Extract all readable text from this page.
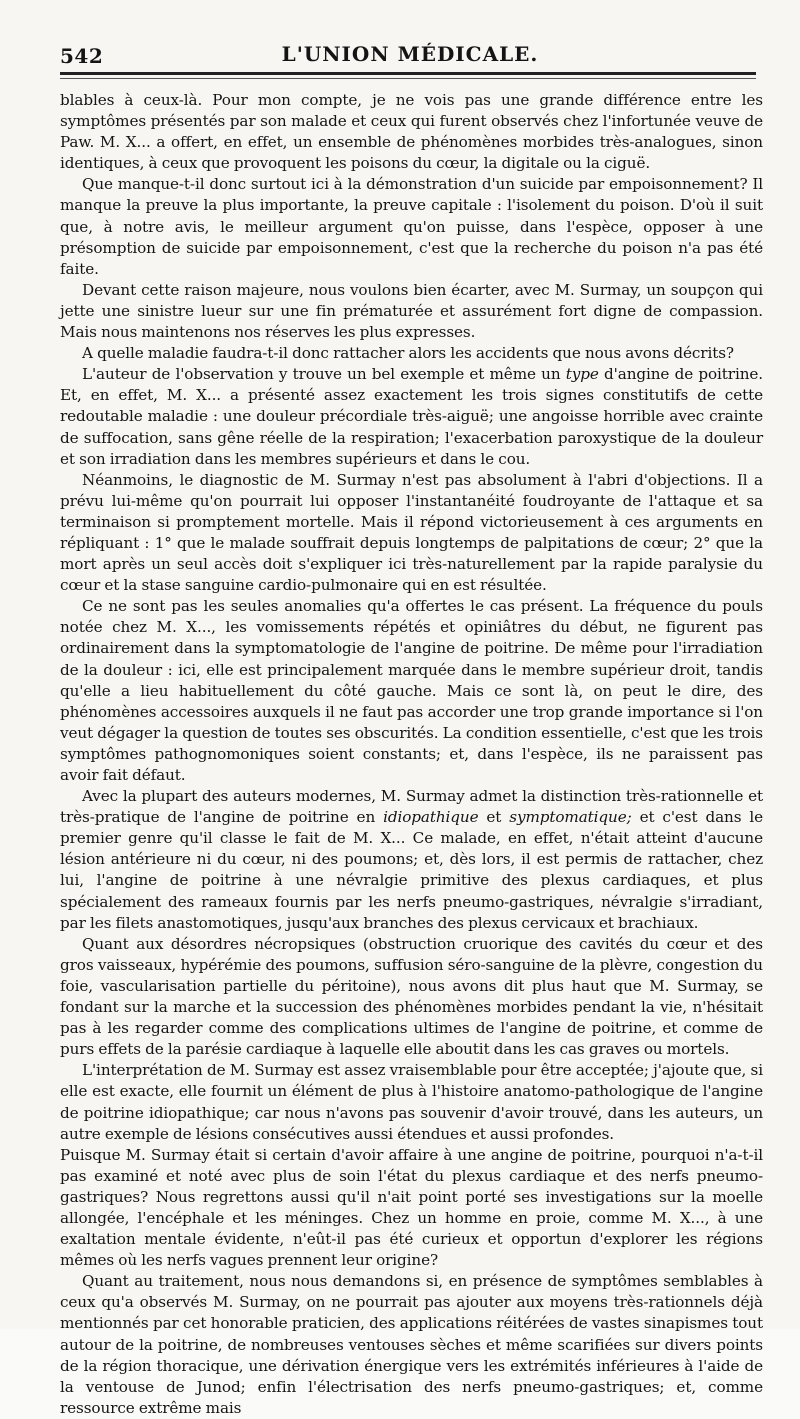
542	L'UNION MÉDICALE.

blables à ceux-là. Pour mon compte, je ne vois pas une grande différence entre les symptômes présentés par son malade et ceux qui furent observés chez l'infortunée veuve de Paw. M. X... a offert, en effet, un ensemble de phénomènes morbides très-analogues, sinon identiques, à ceux que provoquent les poisons du cœur, la digitale ou la ciguë.

Que manque-t-il donc surtout ici à la démonstration d'un suicide par empoisonnement? Il manque la preuve la plus importante, la preuve capitale : l'isolement du poison. D'où il suit que, à notre avis, le meilleur argument qu'on puisse, dans l'espèce, opposer à une présomption de suicide par empoisonnement, c'est que la recherche du poison n'a pas été faite.

Devant cette raison majeure, nous voulons bien écarter, avec M. Surmay, un soupçon qui jette une sinistre lueur sur une fin prématurée et assurément fort digne de compassion. Mais nous maintenons nos réserves les plus expresses.

A quelle maladie faudra-t-il donc rattacher alors les accidents que nous avons décrits?

L'auteur de l'observation y trouve un bel exemple et même un type d'angine de poitrine. Et, en effet, M. X... a présenté assez exactement les trois signes constitutifs de cette redoutable maladie : une douleur précordiale très-aiguë; une angoisse horrible avec crainte de suffocation, sans gêne réelle de la respiration; l'exacerbation paroxystique de la douleur et son irradiation dans les membres supérieurs et dans le cou.

Néanmoins, le diagnostic de M. Surmay n'est pas absolument à l'abri d'objections. Il a prévu lui-même qu'on pourrait lui opposer l'instantanéité foudroyante de l'attaque et sa terminaison si promptement mortelle. Mais il répond victorieusement à ces arguments en répliquant : 1° que le malade souffrait depuis longtemps de palpitations de cœur; 2° que la mort après un seul accès doit s'expliquer ici très-naturellement par la rapide paralysie du cœur et la stase sanguine cardio-pulmonaire qui en est résultée.

Ce ne sont pas les seules anomalies qu'a offertes le cas présent. La fréquence du pouls notée chez M. X..., les vomissements répétés et opiniâtres du début, ne figurent pas ordinairement dans la symptomatologie de l'angine de poitrine. De même pour l'irradiation de la douleur : ici, elle est principalement marquée dans le membre supérieur droit, tandis qu'elle a lieu habituellement du côté gauche. Mais ce sont là, on peut le dire, des phénomènes accessoires auxquels il ne faut pas accorder une trop grande importance si l'on veut dégager la question de toutes ses obscurités. La condition essentielle, c'est que les trois symptômes pathognomoniques soient constants; et, dans l'espèce, ils ne paraissent pas avoir fait défaut.

Avec la plupart des auteurs modernes, M. Surmay admet la distinction très-rationnelle et très-pratique de l'angine de poitrine en idiopathique et symptomatique; et c'est dans le premier genre qu'il classe le fait de M. X... Ce malade, en effet, n'était atteint d'aucune lésion antérieure ni du cœur, ni des poumons; et, dès lors, il est permis de rattacher, chez lui, l'angine de poitrine à une névralgie primitive des plexus cardiaques, et plus spécialement des rameaux fournis par les nerfs pneumo-gastriques, névralgie s'irradiant, par les filets anastomotiques, jusqu'aux branches des plexus cervicaux et brachiaux.

Quant aux désordres nécropsiques (obstruction cruorique des cavités du cœur et des gros vaisseaux, hypérémie des poumons, suffusion séro-sanguine de la plèvre, congestion du foie, vascularisation partielle du péritoine), nous avons dit plus haut que M. Surmay, se fondant sur la marche et la succession des phénomènes morbides pendant la vie, n'hésitait pas à les regarder comme des complications ultimes de l'angine de poitrine, et comme de purs effets de la parésie cardiaque à laquelle elle aboutit dans les cas graves ou mortels.

L'interprétation de M. Surmay est assez vraisemblable pour être acceptée; j'ajoute que, si elle est exacte, elle fournit un élément de plus à l'histoire anatomo-pathologique de l'angine de poitrine idiopathique; car nous n'avons pas souvenir d'avoir trouvé, dans les auteurs, un autre exemple de lésions consécutives aussi étendues et aussi profondes.

Puisque M. Surmay était si certain d'avoir affaire à une angine de poitrine, pourquoi n'a-t-il pas examiné et noté avec plus de soin l'état du plexus cardiaque et des nerfs pneumo-gastriques? Nous regrettons aussi qu'il n'ait point porté ses investigations sur la moelle allongée, l'encéphale et les méninges. Chez un homme en proie, comme M. X..., à une exaltation mentale évidente, n'eût-il pas été curieux et opportun d'explorer les régions mêmes où les nerfs vagues prennent leur origine?

Quant au traitement, nous nous demandons si, en présence de symptômes semblables à ceux qu'a observés M. Surmay, on ne pourrait pas ajouter aux moyens très-rationnels déjà mentionnés par cet honorable praticien, des applications réitérées de vastes sinapismes tout autour de la poitrine, de nombreuses ventouses sèches et même scarifiées sur divers points de la région thoracique, une dérivation énergique vers les extrémités inférieures à l'aide de la ventouse de Junod; enfin l'électrisation des nerfs pneumo-gastriques; et, comme ressource extrême mais
